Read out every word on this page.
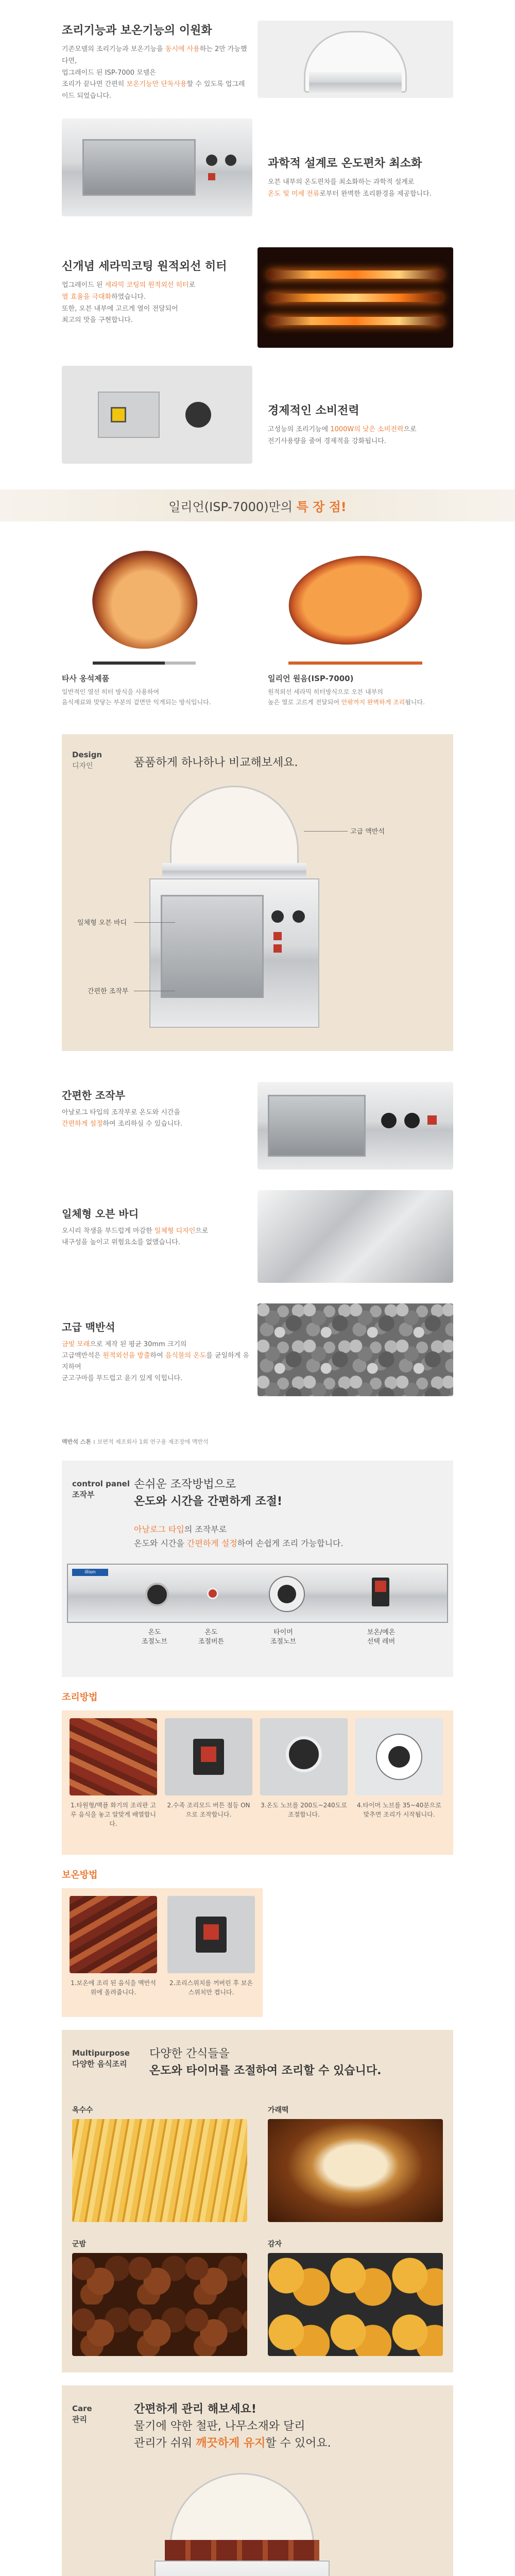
조리기능과 보온기능의 이원화
기존모델의 조리기능과 보온기능을 동시에 사용하는 2만 가능했다면,
업그레이드 된 ISP-7000 모델은
조리가 끝나면 간편히 보온기능만 단독사용할 수 있도록 업그레이드 되었습니다.

과학적 설계로 온도편차 최소화
오븐 내부의 온도편차를 최소화하는 과학적 설계로
온도 및 미세 전류로부터 완벽한 조리환경을 제공합니다.
신개념 세라믹코팅 원적외선 히터
업그레이드 된 세라믹 코팅의 원적외선 히터로
열 효율을 극대화하였습니다.
또한, 오븐 내부에 고르게 열이 전달되어
최고의 맛을 구현합니다.
경제적인 소비전력
고성능의 조리기능에 1000W의 낮은 소비전력으로
전기사용량을 줄여 경제적을 강화됩니다.
일리언(ISP-7000)만의
특 장 점!
타사 옹석제품
일반적인 열선 히터 방식을 사용하여
음식재료와 맞닿는 부분의 겉면만 익게되는 방식입니다.
일리언 원음(ISP-7000)
원적외선 세라믹 히터방식으로 오븐 내부의
높은 열로 고르게 전달되어 안팎까지 완벽하게 조리됩니다.
Design
디자인	품품하게 하나하나 비교해보세요.

고급 액반석
일체형 오븐 바디
간편한 조작부
간편한 조작부
아날로그 타입의 조작부로 온도와 시간을
간편하게 설정하여 조리하실 수 있습니다.
일체형 오븐 바디
오시리 착생을 부드럽게 마감한 일체형 디자인으로
내구성을 높이고 위험요소를 없앴습니다.
고급 맥반석
금빛 모래으로 제작 된 평균 30mm 크기의
고급맥반석은 원적외선을 방출하여 음식물의 온도를 균일하게 유지하여
군고구마를 부드럽고 윤기 있게 익힙니다.
맥반석 스톤 : 보편적 제조회사 1회 연구용 제조장에 맥반석
control panel
조작부
손쉬운 조작방법으로
온도와 시간을 간편하게 조절!
아날로그 타입의 조작부로
온도와 시간을 간편하게 설정하여 손쉽게 조리 가능합니다.
illion
온도
조절노브
온도
조절버튼
타이머
조절노브
보온/예온
선택 레버
조리방법
1.타원형/맥플 화기의 조리판 고루 음식을 놓고 알맞게 배열합니다.
2.수족 조리모드 버튼 점등 ON 으로 조작합니다.
3.온도 노브를 200도~240도로 조절합니다.
4.타이머 노브를 35~40분으로 맞추면 조리가 시작됩니다.
보온방법
1.보온에 조리 된 음식을 맥반석 위에 올려줍니다.
2.조리스위치를 꺼버린 후 보온스위치만 켭니다.
Multipurpose
다양한 음식조리
다양한 간식들을
온도와 타이머를 조절하여 조리할 수 있습니다.
옥수수	가래떡
군밤	감자
Care
관리
간편하게 관리 해보세요!
물기에 약한 철판, 나무소재와 달리
관리가 쉬워 깨끗하게 유지할 수 있어요.
